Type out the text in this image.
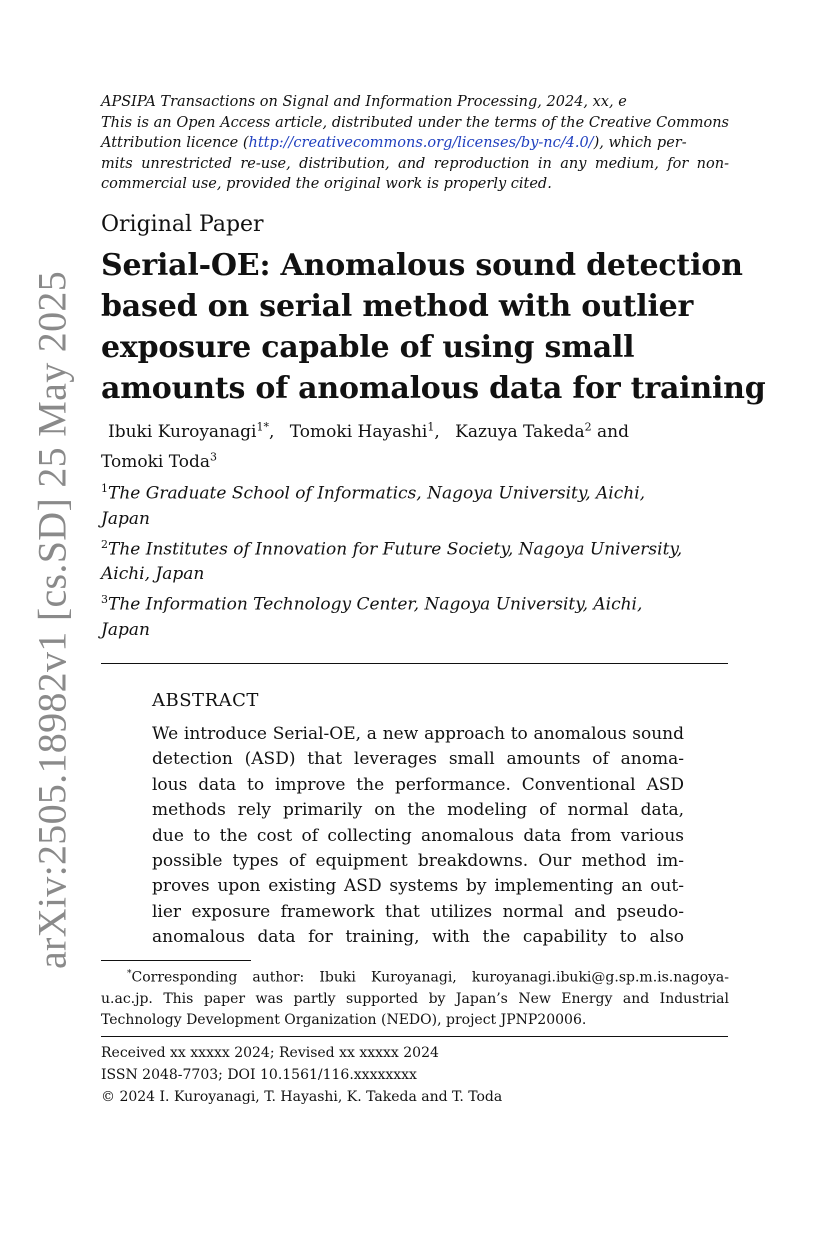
arXiv:2505.18982v1 [cs.SD] 25 May 2025
APSIPA Transactions on Signal and Information Processing, 2024, xx, e
This is an Open Access article, distributed under the terms of the Creative Commons
Attribution licence (http://creativecommons.org/licenses/by-nc/4.0/), which per-
mits unrestricted re-use, distribution, and reproduction in any medium, for non-
commercial use, provided the original work is properly cited.
Original Paper
Serial-OE: Anomalous sound detection
based on serial method with outlier
exposure capable of using small
amounts of anomalous data for training
Ibuki Kuroyanagi$^{1*}$, Tomoki Hayashi$^1$, Kazuya Takeda$^2$ and
Tomoki Toda$^3$
$^1$The Graduate School of Informatics, Nagoya University, Aichi,
Japan
$^2$The Institutes of Innovation for Future Society, Nagoya University,
Aichi, Japan
$^3$The Information Technology Center, Nagoya University, Aichi,
Japan
ABSTRACT
We introduce Serial-OE, a new approach to anomalous sound
detection (ASD) that leverages small amounts of anoma-
lous data to improve the performance. Conventional ASD
methods rely primarily on the modeling of normal data,
due to the cost of collecting anomalous data from various
possible types of equipment breakdowns. Our method im-
proves upon existing ASD systems by implementing an out-
lier exposure framework that utilizes normal and pseudo-
anomalous data for training, with the capability to also
*Corresponding author: Ibuki Kuroyanagi, kuroyanagi.ibuki@g.sp.m.is.nagoya-
u.ac.jp. This paper was partly supported by Japan’s New Energy and Industrial
Technology Development Organization (NEDO), project JPNP20006.
Received xx xxxxx 2024; Revised xx xxxxx 2024
ISSN 2048-7703; DOI 10.1561/116.xxxxxxxx
© 2024 I. Kuroyanagi, T. Hayashi, K. Takeda and T. Toda
